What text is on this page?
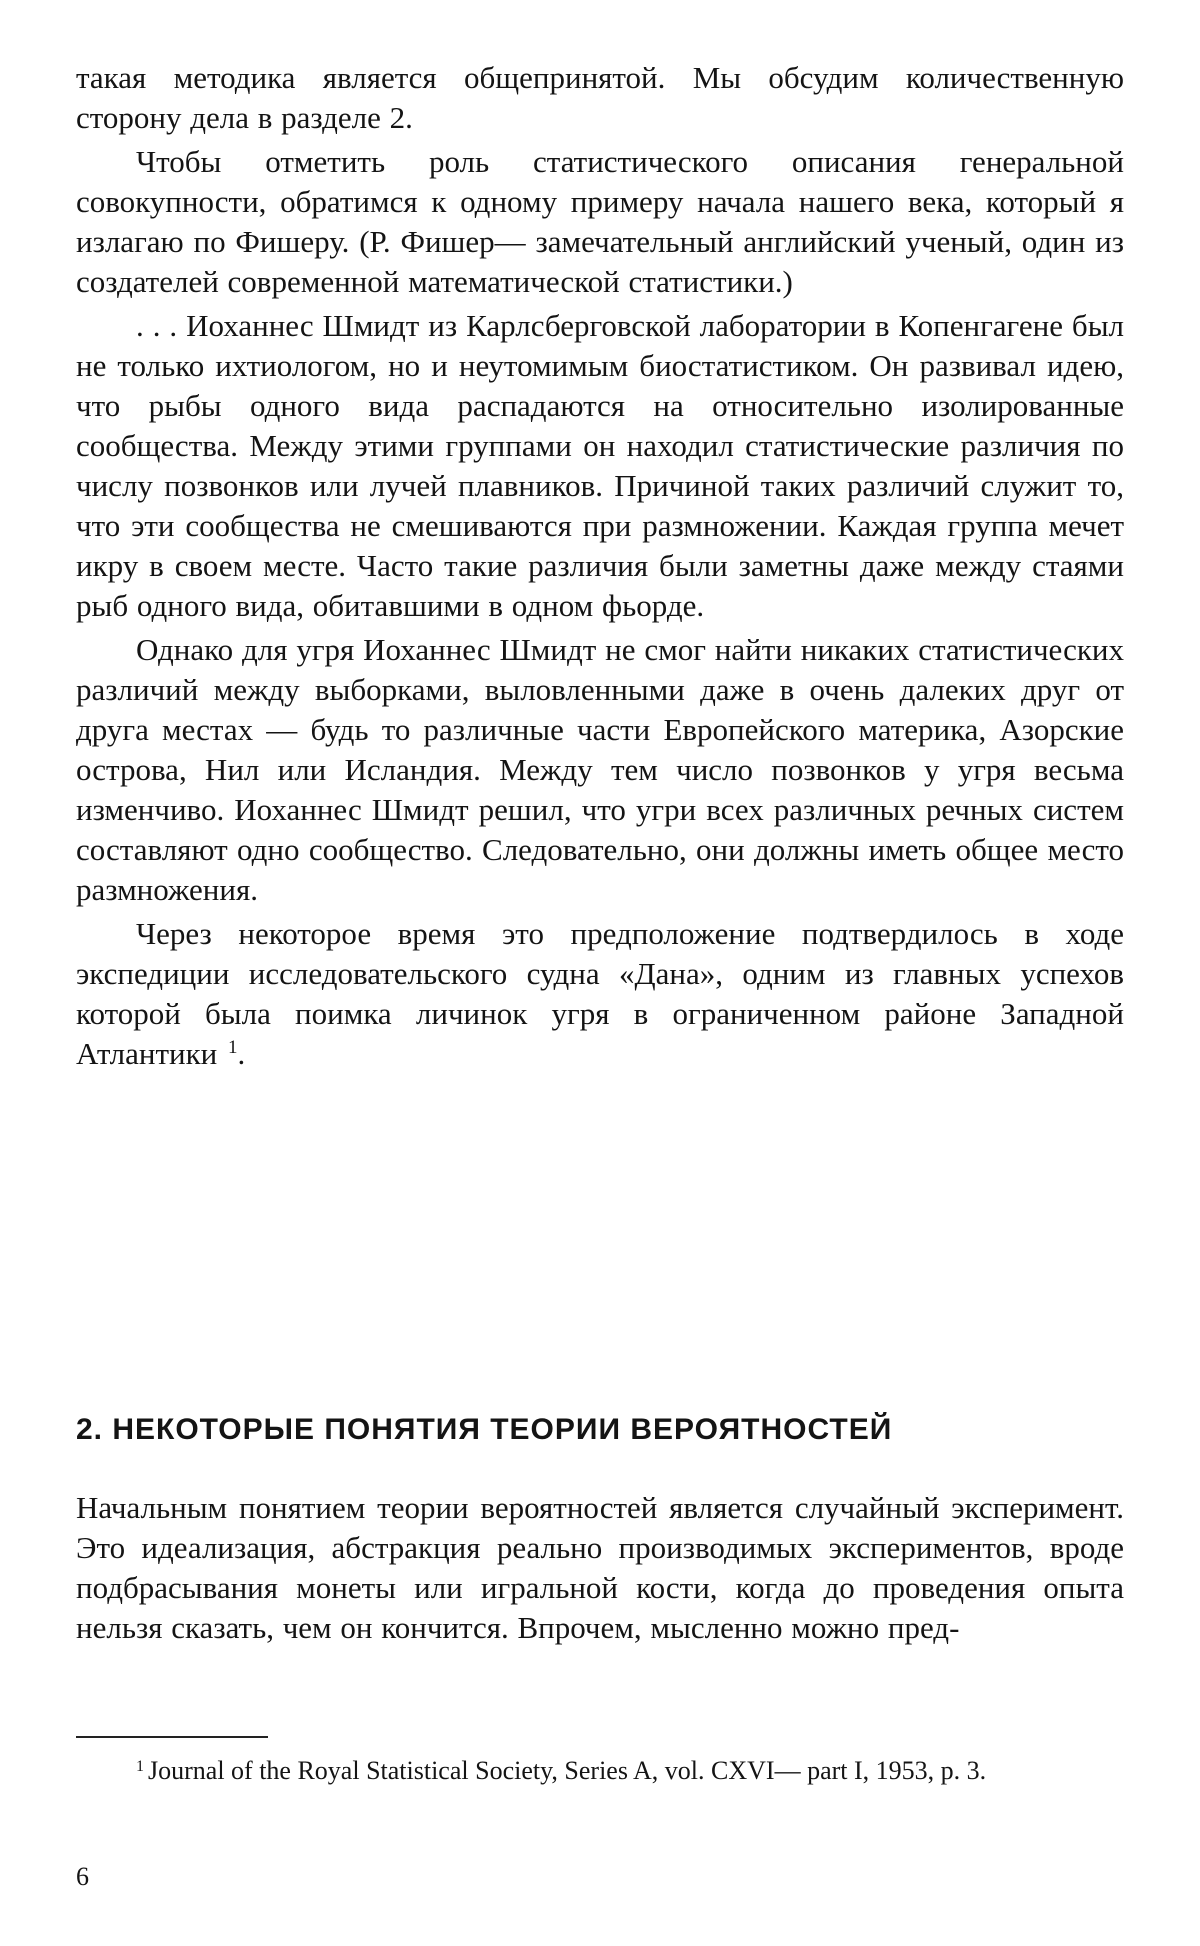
такая методика является общепринятой. Мы обсудим количественную сторону дела в разделе 2.

Чтобы отметить роль статистического описания генеральной совокупности, обратимся к одному примеру начала нашего века, который я излагаю по Фишеру. (Р. Фишер— замечательный английский ученый, один из создателей современной математической статистики.)

. . . Иоханнес Шмидт из Карлсберговской лаборатории в Копенгагене был не только ихтиологом, но и неутомимым биостатистиком. Он развивал идею, что рыбы одного вида распадаются на относительно изолированные сообщества. Между этими группами он находил статистические различия по числу позвонков или лучей плавников. Причиной таких различий служит то, что эти сообщества не смешиваются при размножении. Каждая группа мечет икру в своем месте. Часто такие различия были заметны даже между стаями рыб одного вида, обитавшими в одном фьорде.

Однако для угря Иоханнес Шмидт не смог найти никаких статистических различий между выборками, выловленными даже в очень далеких друг от друга местах — будь то различные части Европейского материка, Азорские острова, Нил или Исландия. Между тем число позвонков у угря весьма изменчиво. Иоханнес Шмидт решил, что угри всех различных речных систем составляют одно сообщество. Следовательно, они должны иметь общее место размножения.

Через некоторое время это предположение подтвердилось в ходе экспедиции исследовательского судна «Дана», одним из главных успехов которой была поимка личинок угря в ограниченном районе Западной Атлантики $^1$.

2. НЕКОТОРЫЕ ПОНЯТИЯ ТЕОРИИ ВЕРОЯТНОСТЕЙ

Начальным понятием теории вероятностей является случайный эксперимент. Это идеализация, абстракция реально производимых экспериментов, вроде подбрасывания монеты или игральной кости, когда до проведения опыта нельзя сказать, чем он кончится. Впрочем, мысленно можно пред-

$^1$ Journal of the Royal Statistical Society, Series A, vol. CXVI— part I, 1953, p. 3.

6
